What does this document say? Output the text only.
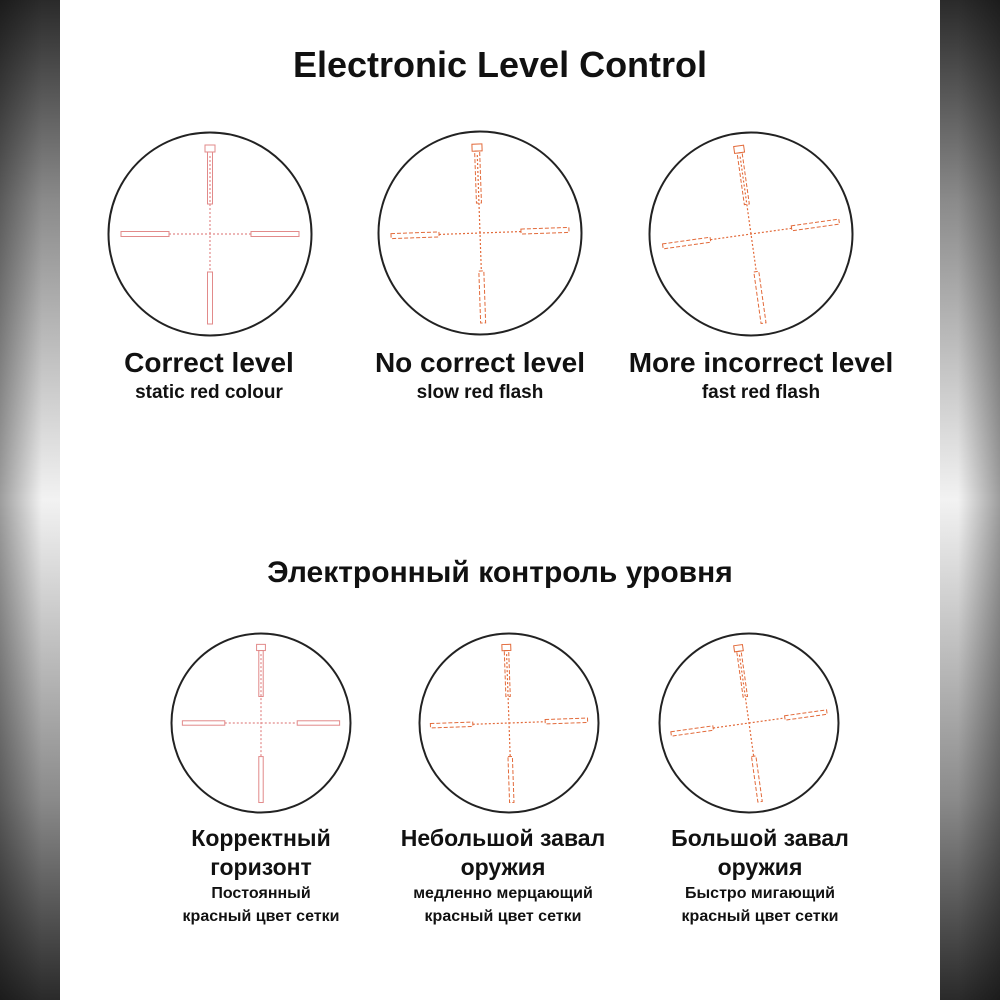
Electronic Level Control
Correct level
static red colour
No correct level
slow red flash
More incorrect level
fast red flash
Электронный контроль уровня
Корректный
горизонт
Постоянный
красный цвет сетки
Небольшой завал
оружия
медленно мерцающий
красный цвет сетки
Большой завал
оружия
Быстро мигающий
красный цвет сетки
